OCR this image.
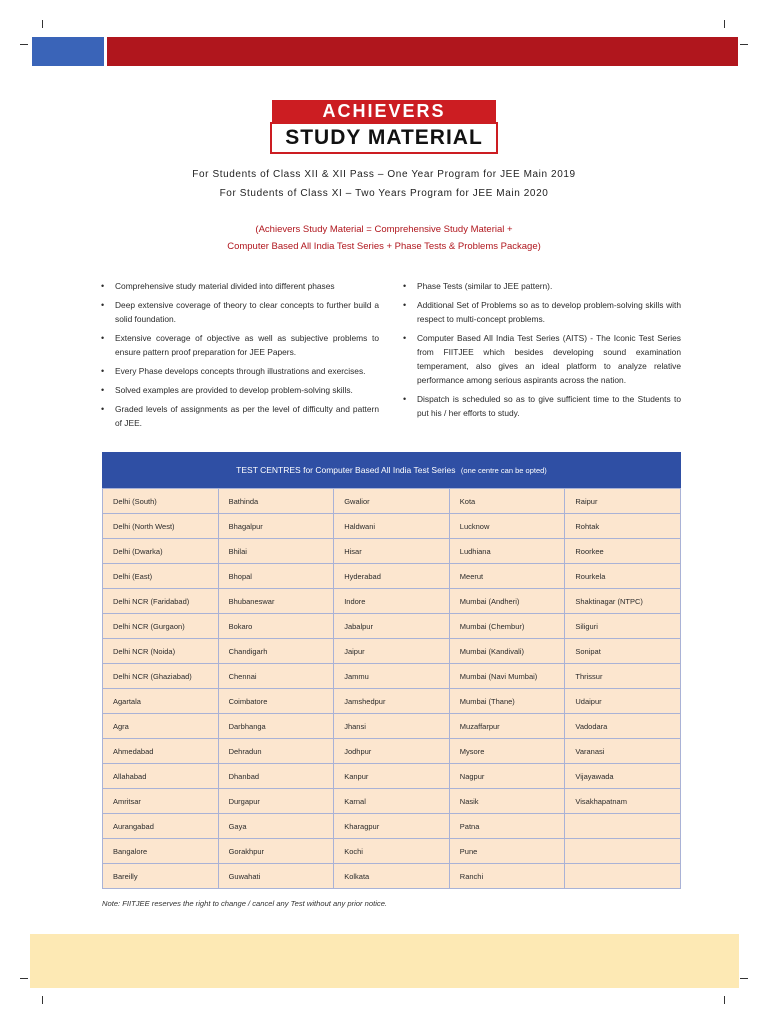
ACHIEVERS
STUDY MATERIAL
For Students of Class XII & XII Pass – One Year Program for JEE Main 2019
For Students of Class XI – Two Years Program for JEE Main 2020
(Achievers Study Material = Comprehensive Study Material +
Computer Based All India Test Series + Phase Tests & Problems Package)
• Comprehensive study material divided into different phases
• Deep extensive coverage of theory to clear concepts to further build a solid foundation.
• Extensive coverage of objective as well as subjective problems to ensure pattern proof preparation for JEE Papers.
• Every Phase develops concepts through illustrations and exercises.
• Solved examples are provided to develop problem-solving skills.
• Graded levels of assignments as per the level of difficulty and pattern of JEE.
• Phase Tests (similar to JEE pattern).
• Additional Set of Problems so as to develop problem-solving skills with respect to multi-concept problems.
• Computer Based All India Test Series (AITS) - The Iconic Test Series from FIITJEE which besides developing sound examination temperament, also gives an ideal platform to analyze relative performance among serious aspirants across the nation.
• Dispatch is scheduled so as to give sufficient time to the Students to put his / her efforts to study.
TEST CENTRES for Computer Based All India Test Series (one centre can be opted)
Delhi (South)	Bathinda	Gwalior	Kota	Raipur
Delhi (North West)	Bhagalpur	Haldwani	Lucknow	Rohtak
Delhi (Dwarka)	Bhilai	Hisar	Ludhiana	Roorkee
Delhi (East)	Bhopal	Hyderabad	Meerut	Rourkela
Delhi NCR (Faridabad)	Bhubaneswar	Indore	Mumbai (Andheri)	Shaktinagar (NTPC)
Delhi NCR (Gurgaon)	Bokaro	Jabalpur	Mumbai (Chembur)	Siliguri
Delhi NCR (Noida)	Chandigarh	Jaipur	Mumbai (Kandivali)	Sonipat
Delhi NCR (Ghaziabad)	Chennai	Jammu	Mumbai (Navi Mumbai)	Thrissur
Agartala	Coimbatore	Jamshedpur	Mumbai (Thane)	Udaipur
Agra	Darbhanga	Jhansi	Muzaffarpur	Vadodara
Ahmedabad	Dehradun	Jodhpur	Mysore	Varanasi
Allahabad	Dhanbad	Kanpur	Nagpur	Vijayawada
Amritsar	Durgapur	Karnal	Nasik	Visakhapatnam
Aurangabad	Gaya	Kharagpur	Patna	
Bangalore	Gorakhpur	Kochi	Pune	
Bareilly	Guwahati	Kolkata	Ranchi	
Note: FIITJEE reserves the right to change / cancel any Test without any prior notice.
